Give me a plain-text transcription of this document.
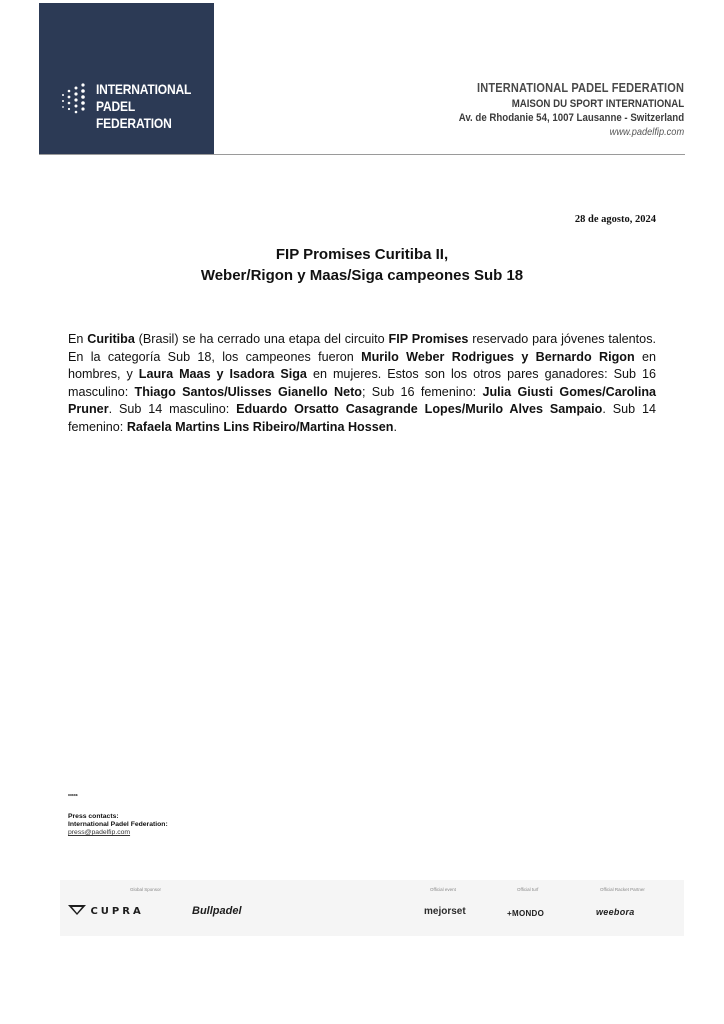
INTERNATIONAL
PADEL
FEDERATION
INTERNATIONAL PADEL FEDERATION
MAISON DU SPORT INTERNATIONAL
Av. de Rhodanie 54, 1007 Lausanne - Switzerland
www.padelfip.com
28 de agosto, 2024
FIP Promises Curitiba II,
Weber/Rigon y Maas/Siga campeones Sub 18
En Curitiba (Brasil) se ha cerrado una etapa del circuito FIP Promises reservado para jóvenes talentos. En la categoría Sub 18, los campeones fueron Murilo Weber Rodrigues y Bernardo Rigon en hombres, y Laura Maas y Isadora Siga en mujeres. Estos son los otros pares ganadores: Sub 16 masculino: Thiago Santos/Ulisses Gianello Neto; Sub 16 femenino: Julia Giusti Gomes/Carolina Pruner. Sub 14 masculino: Eduardo Orsatto Casagrande Lopes/Murilo Alves Sampaio. Sub 14 femenino: Rafaela Martins Lins Ribeiro/Martina Hossen.
*****
Press contacts:
International Padel Federation:
press@padelfip.com
Global Sponsor	Official event	Official turf	Official Racket Partner
CUPRA	Bullpadel	mejorset	+MONDO	weebora
